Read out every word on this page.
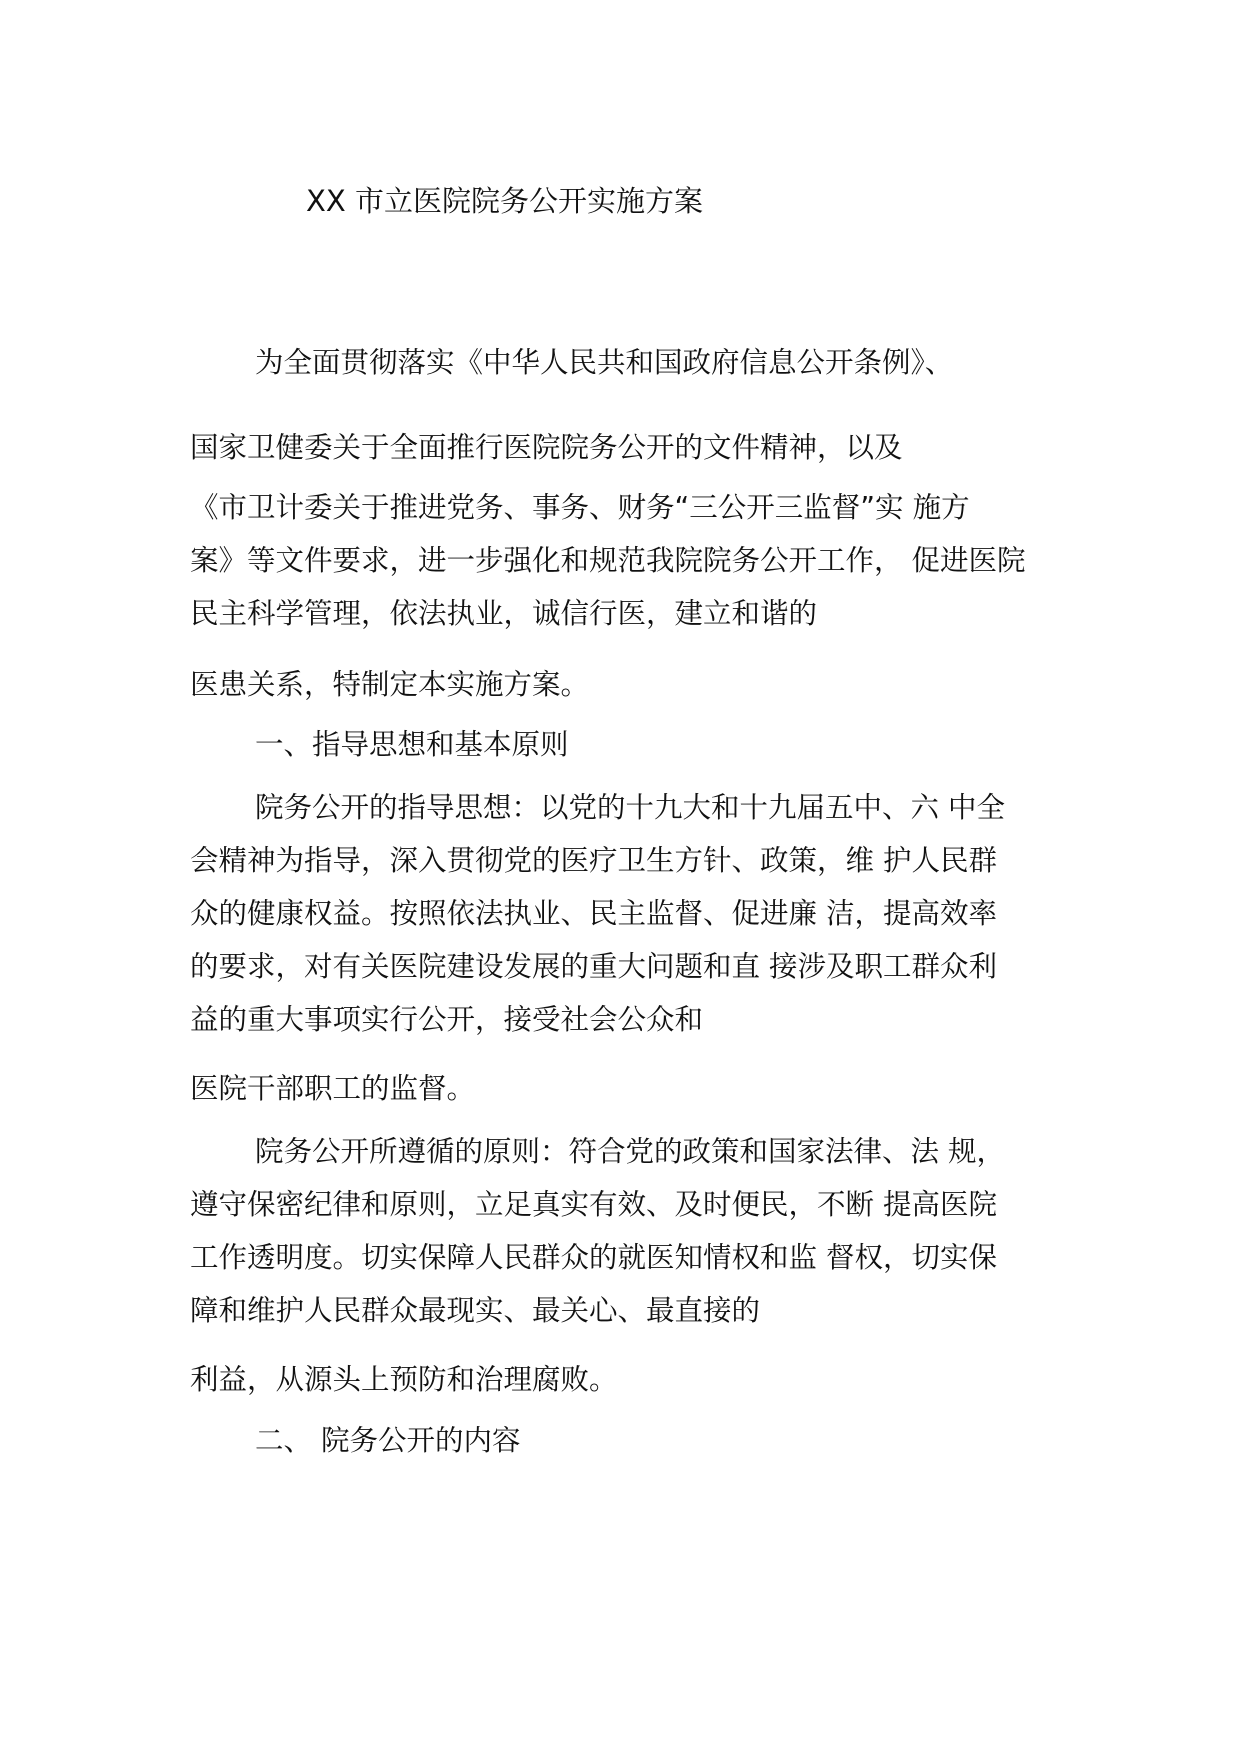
XX 市立医院院务公开实施方案
为全面贯彻落实《中华人民共和国政府信息公开条例》、
国家卫健委关于全面推行医院院务公开的文件精神，以及
《市卫计委关于推进党务、事务、财务“三公开三监督”实 施方
案》等文件要求，进一步强化和规范我院院务公开工作， 促进医院
民主科学管理，依法执业，诚信行医，建立和谐的
医患关系，特制定本实施方案。
一、指导思想和基本原则
院务公开的指导思想：以党的十九大和十九届五中、六 中全
会精神为指导，深入贯彻党的医疗卫生方针、政策，维 护人民群
众的健康权益。按照依法执业、民主监督、促进廉 洁，提高效率
的要求，对有关医院建设发展的重大问题和直 接涉及职工群众利
益的重大事项实行公开，接受社会公众和
医院干部职工的监督。
院务公开所遵循的原则：符合党的政策和国家法律、法 规，
遵守保密纪律和原则，立足真实有效、及时便民，不断 提高医院
工作透明度。切实保障人民群众的就医知情权和监 督权，切实保
障和维护人民群众最现实、最关心、最直接的
利益，从源头上预防和治理腐败。
二、 院务公开的内容
